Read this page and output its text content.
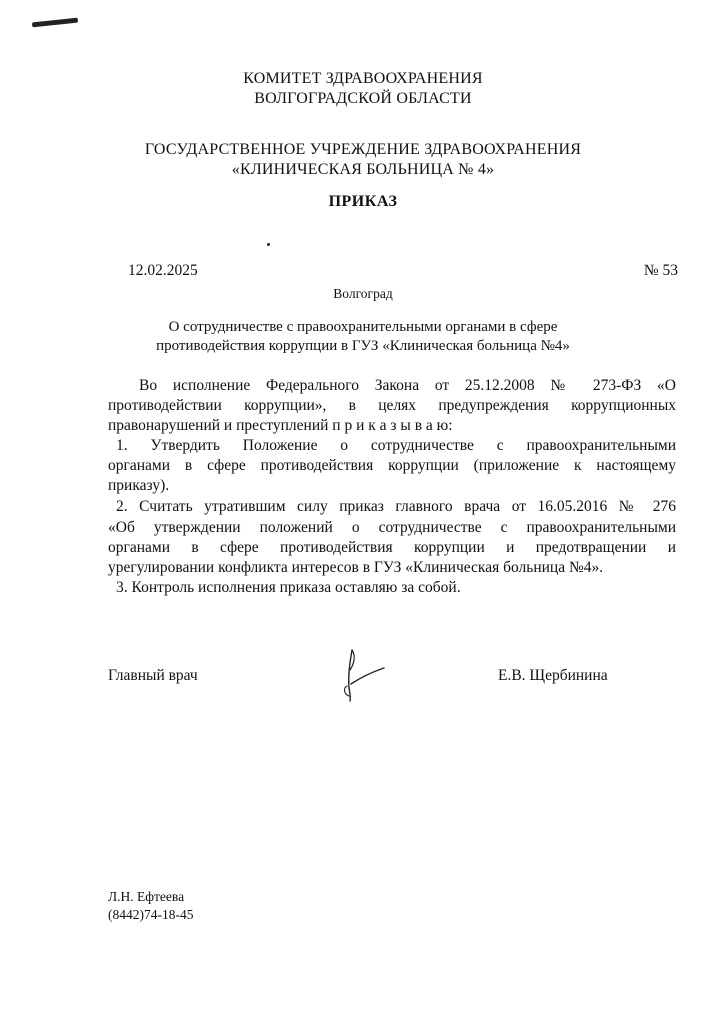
КОМИТЕТ ЗДРАВООХРАНЕНИЯ
ВОЛГОГРАДСКОЙ ОБЛАСТИ
ГОСУДАРСТВЕННОЕ УЧРЕЖДЕНИЕ ЗДРАВООХРАНЕНИЯ
«КЛИНИЧЕСКАЯ БОЛЬНИЦА № 4»
ПРИКАЗ
12.02.2025	№ 53
Волгоград
О сотрудничестве с правоохранительными органами в сфере
противодействия коррупции в ГУЗ «Клиническая больница №4»
Во исполнение Федерального Закона от 25.12.2008 № 273-ФЗ «О
противодействии коррупции», в целях предупреждения коррупционных
правонарушений и преступлений п р и к а з ы в а ю:
1. Утвердить Положение о сотрудничестве с правоохранительными
органами в сфере противодействия коррупции (приложение к настоящему
приказу).
2. Считать утратившим силу приказ главного врача от 16.05.2016 № 276
«Об утверждении положений о сотрудничестве с правоохранительными
органами в сфере противодействия коррупции и предотвращении и
урегулировании конфликта интересов в ГУЗ «Клиническая больница №4».
3. Контроль исполнения приказа оставляю за собой.
Главный врач	Е.В. Щербинина
Л.Н. Ефтеева
(8442)74-18-45
